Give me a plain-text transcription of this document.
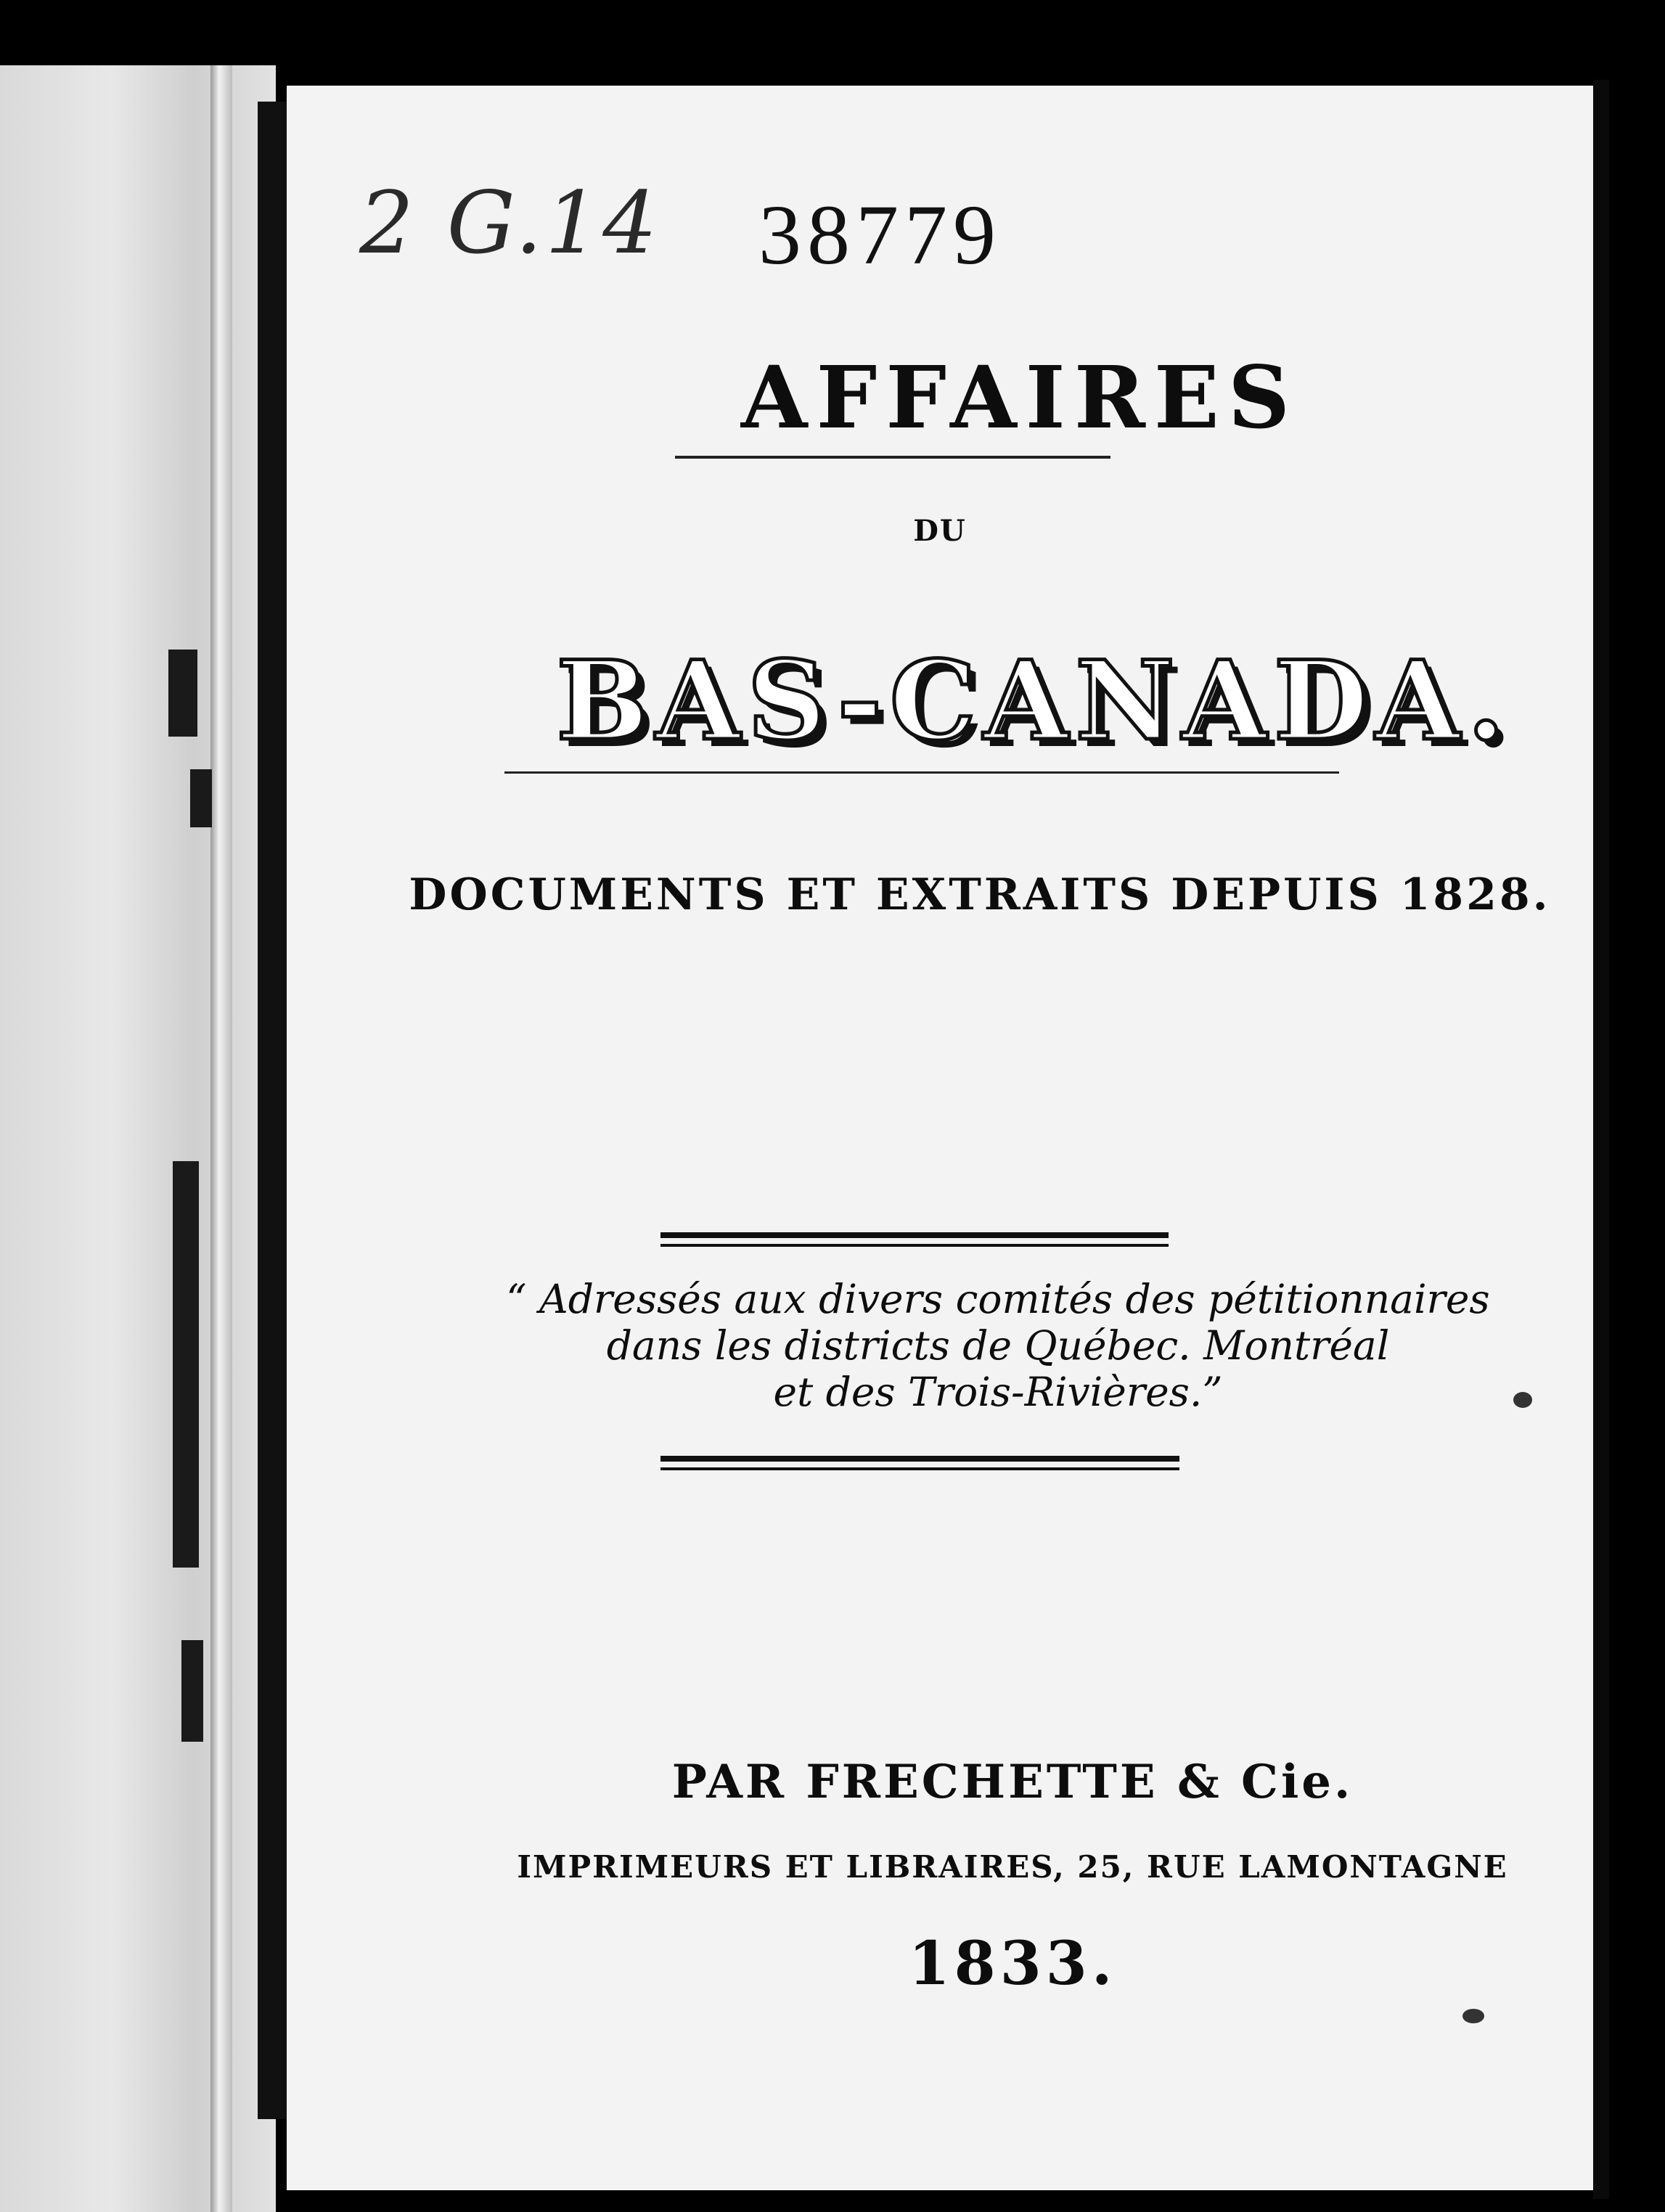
2 G.14 38779
AFFAIRES
DU
BAS-CANADA.
DOCUMENTS ET EXTRAITS DEPUIS 1828.
“ Adressés aux divers comités des pétitionnaires
dans les districts de Québec. Montréal
et des Trois-Rivières.”
PAR FRECHETTE & Cie.
IMPRIMEURS ET LIBRAIRES, 25, RUE LAMONTAGNE
1833.
